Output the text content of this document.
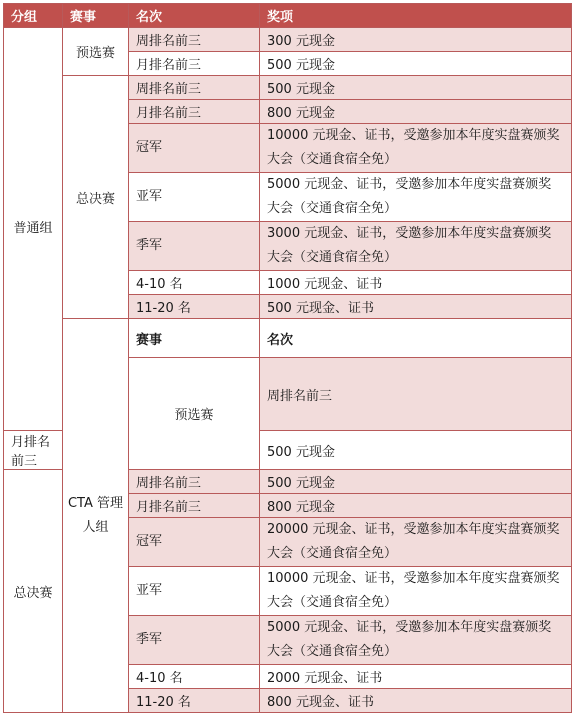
分组	赛事	名次	奖项	
普通组	预选赛	周排名前三	300 元现金	
		月排名前三	500 元现金	
	总决赛	周排名前三	500 元现金	
		月排名前三	800 元现金	
		冠军	10000 元现金、证书，受邀参加本年度实盘赛颁奖大会（交通食宿全免）	
		亚军	5000 元现金、证书，受邀参加本年度实盘赛颁奖大会（交通食宿全免）	
		季军	3000 元现金、证书，受邀参加本年度实盘赛颁奖大会（交通食宿全免）	
		4-10 名	1000 元现金、证书	
		11-20 名	500 元现金、证书	
	CTA 管理人组	赛事	名次	
		预选赛	周排名前三	
月排名前三			500 元现金	
总决赛		周排名前三	500 元现金	
		月排名前三	800 元现金	
		冠军	20000 元现金、证书，受邀参加本年度实盘赛颁奖大会（交通食宿全免）	
		亚军	10000 元现金、证书，受邀参加本年度实盘赛颁奖大会（交通食宿全免）	
		季军	5000 元现金、证书，受邀参加本年度实盘赛颁奖大会（交通食宿全免）	
		4-10 名	2000 元现金、证书	
		11-20 名	800 元现金、证书	
